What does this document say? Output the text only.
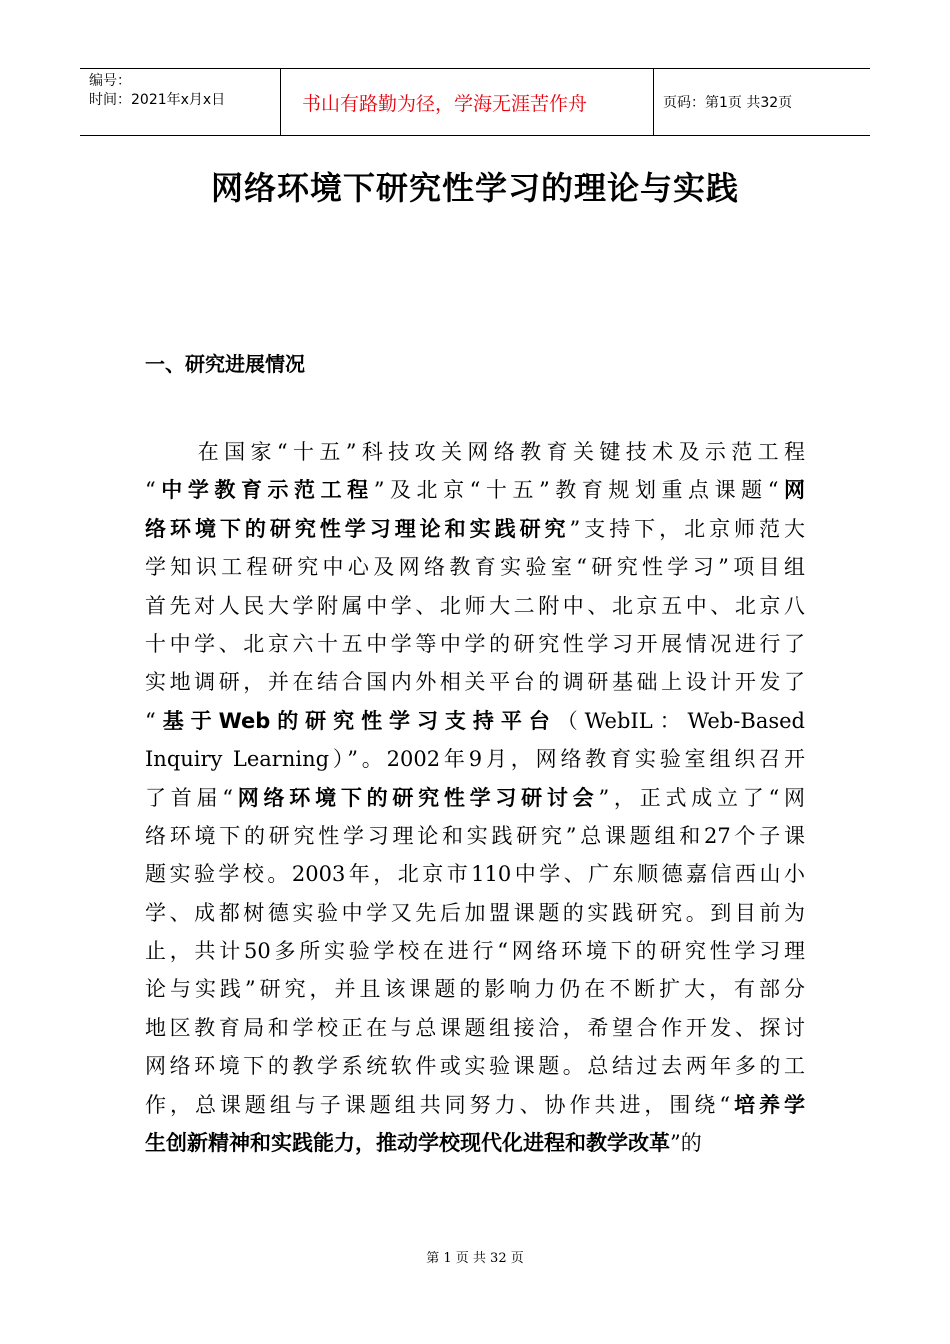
编号：
时间：2021年x月x日	书山有路勤为径，学海无涯苦作舟	页码：第1页 共32页
网络环境下研究性学习的理论与实践
一、研究进展情况
　　在国家“十五”科技攻关网络教育关键技术及示范工程
“中学教育示范工程”及北京“十五”教育规划重点课题“网
络环境下的研究性学习理论和实践研究”支持下，北京师范大
学知识工程研究中心及网络教育实验室“研究性学习”项目组
首先对人民大学附属中学、北师大二附中、北京五中、北京八
十中学、北京六十五中学等中学的研究性学习开展情况进行了
实地调研，并在结合国内外相关平台的调研基础上设计开发了
“基于Web的研究性学习支持平台（WebIL：Web-Based
Inquiry Learning）”。2002年9月，网络教育实验室组织召开
了首届“网络环境下的研究性学习研讨会”，正式成立了“网
络环境下的研究性学习理论和实践研究”总课题组和27个子课
题实验学校。2003年，北京市110中学、广东顺德嘉信西山小
学、成都树德实验中学又先后加盟课题的实践研究。到目前为
止，共计50多所实验学校在进行“网络环境下的研究性学习理
论与实践”研究，并且该课题的影响力仍在不断扩大，有部分
地区教育局和学校正在与总课题组接洽，希望合作开发、探讨
网络环境下的教学系统软件或实验课题。总结过去两年多的工
作，总课题组与子课题组共同努力、协作共进，围绕“培养学
生创新精神和实践能力，推动学校现代化进程和教学改革”的
第 1 页 共 32 页
